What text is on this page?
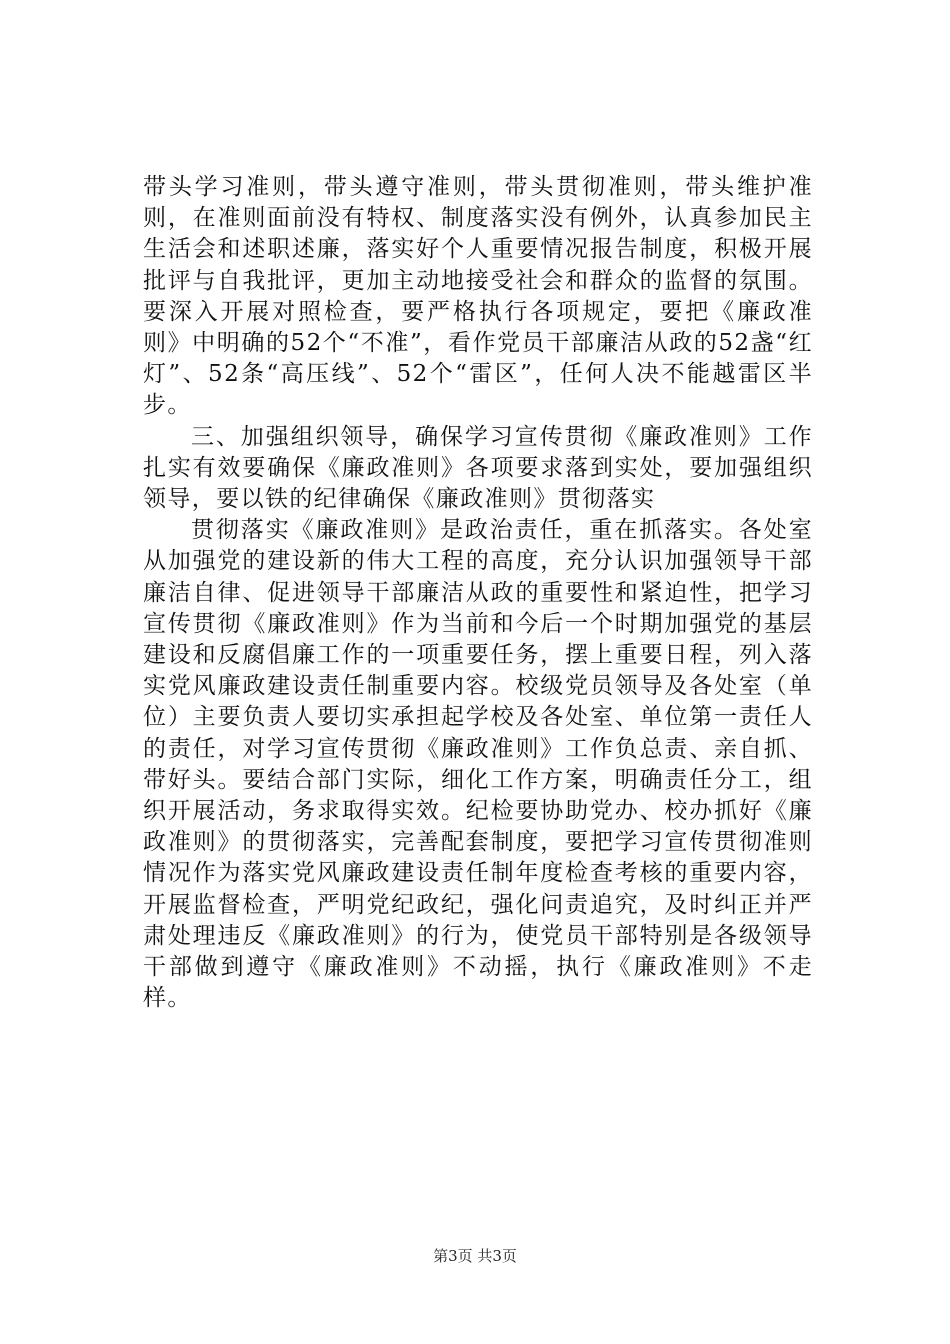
带头学习准则，带头遵守准则，带头贯彻准则，带头维护准则，在准则面前没有特权、制度落实没有例外，认真参加民主生活会和述职述廉，落实好个人重要情况报告制度，积极开展批评与自我批评，更加主动地接受社会和群众的监督的氛围。要深入开展对照检查，要严格执行各项规定，要把《廉政准则》中明确的52个“不准”，看作党员干部廉洁从政的52盏“红灯”、52条“高压线”、52个“雷区”，任何人决不能越雷区半步。

三、加强组织领导，确保学习宣传贯彻《廉政准则》工作扎实有效要确保《廉政准则》各项要求落到实处，要加强组织领导，要以铁的纪律确保《廉政准则》贯彻落实

贯彻落实《廉政准则》是政治责任，重在抓落实。各处室从加强党的建设新的伟大工程的高度，充分认识加强领导干部廉洁自律、促进领导干部廉洁从政的重要性和紧迫性，把学习宣传贯彻《廉政准则》作为当前和今后一个时期加强党的基层建设和反腐倡廉工作的一项重要任务，摆上重要日程，列入落实党风廉政建设责任制重要内容。校级党员领导及各处室（单位）主要负责人要切实承担起学校及各处室、单位第一责任人的责任，对学习宣传贯彻《廉政准则》工作负总责、亲自抓、带好头。要结合部门实际，细化工作方案，明确责任分工，组织开展活动，务求取得实效。纪检要协助党办、校办抓好《廉政准则》的贯彻落实，完善配套制度，要把学习宣传贯彻准则情况作为落实党风廉政建设责任制年度检查考核的重要内容，开展监督检查，严明党纪政纪，强化问责追究，及时纠正并严肃处理违反《廉政准则》的行为，使党员干部特别是各级领导干部做到遵守《廉政准则》不动摇，执行《廉政准则》不走样。

第3页 共3页
